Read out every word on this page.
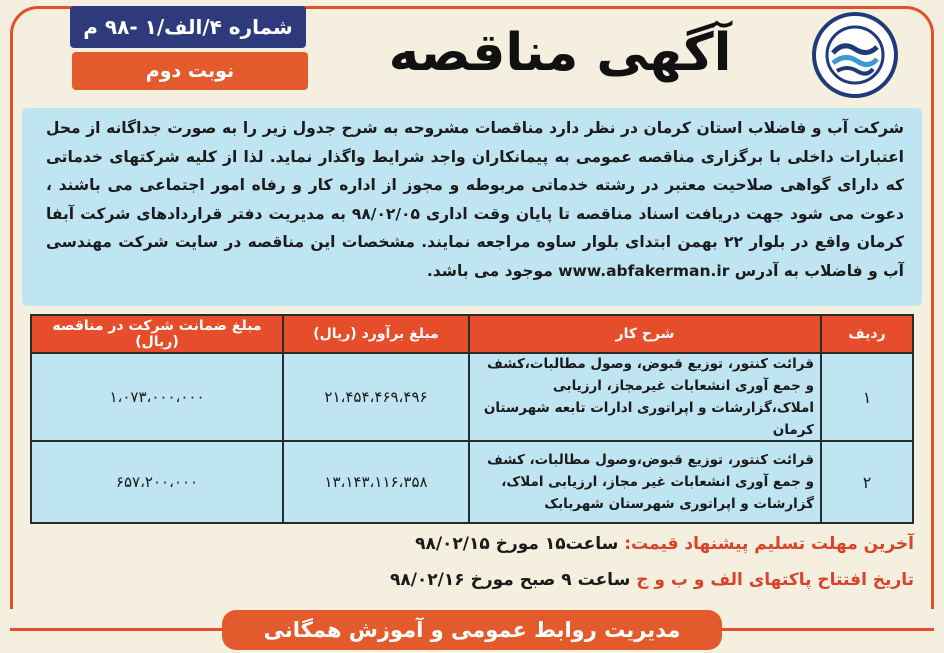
شماره ۴/الف/۱ -۹۸ م
نوبت دوم	آگهی مناقصه
شرکت آب و فاضلاب استان کرمان در نظر دارد مناقصات مشروحه به شرح جدول زیر را به صورت جداگانه از محل اعتبارات داخلی با برگزاری مناقصه عمومی به پیمانکاران واجد شرایط واگذار نماید. لذا از کلیه شرکتهای خدماتی که دارای گواهی صلاحیت معتبر در رشته خدماتی مربوطه و مجوز از اداره کار و رفاه امور اجتماعی می باشند ، دعوت می شود جهت دریافت اسناد مناقصه تا پایان وقت اداری ۹۸/۰۲/۰۵ به مدیریت دفتر قراردادهای شرکت آبفا کرمان واقع در بلوار ۲۲ بهمن ابتدای بلوار ساوه مراجعه نمایند. مشخصات این مناقصه در سایت شرکت مهندسی آب و فاضلاب به آدرس www.abfakerman.ir موجود می باشد.
ردیف
شرح کار
مبلغ برآورد (ریال)
مبلغ ضمانت شرکت در مناقصه (ریال)
۱
قرائت کنتور، توزیع قبوض، وصول مطالبات،کشف و جمع آوری انشعابات غیرمجاز، ارزیابی املاک،گزارشات و اپراتوری ادارات تابعه شهرستان کرمان
۲۱،۴۵۴،۴۶۹،۴۹۶
۱،۰۷۳،۰۰۰،۰۰۰
۲
قرائت کنتور، توزیع قبوض،وصول مطالبات، کشف و جمع آوری انشعابات غیر مجاز، ارزیابی املاک، گزارشات و اپراتوری شهرستان شهربابک
۱۳،۱۴۳،۱۱۶،۳۵۸
۶۵۷،۲۰۰،۰۰۰
آخرین مهلت تسلیم پیشنهاد قیمت: ساعت۱۵ مورخ ۹۸/۰۲/۱۵
تاریخ افتتاح پاکتهای الف و ب و ج ساعت ۹ صبح مورخ ۹۸/۰۲/۱۶
مدیریت روابط عمومی و آموزش همگانی
